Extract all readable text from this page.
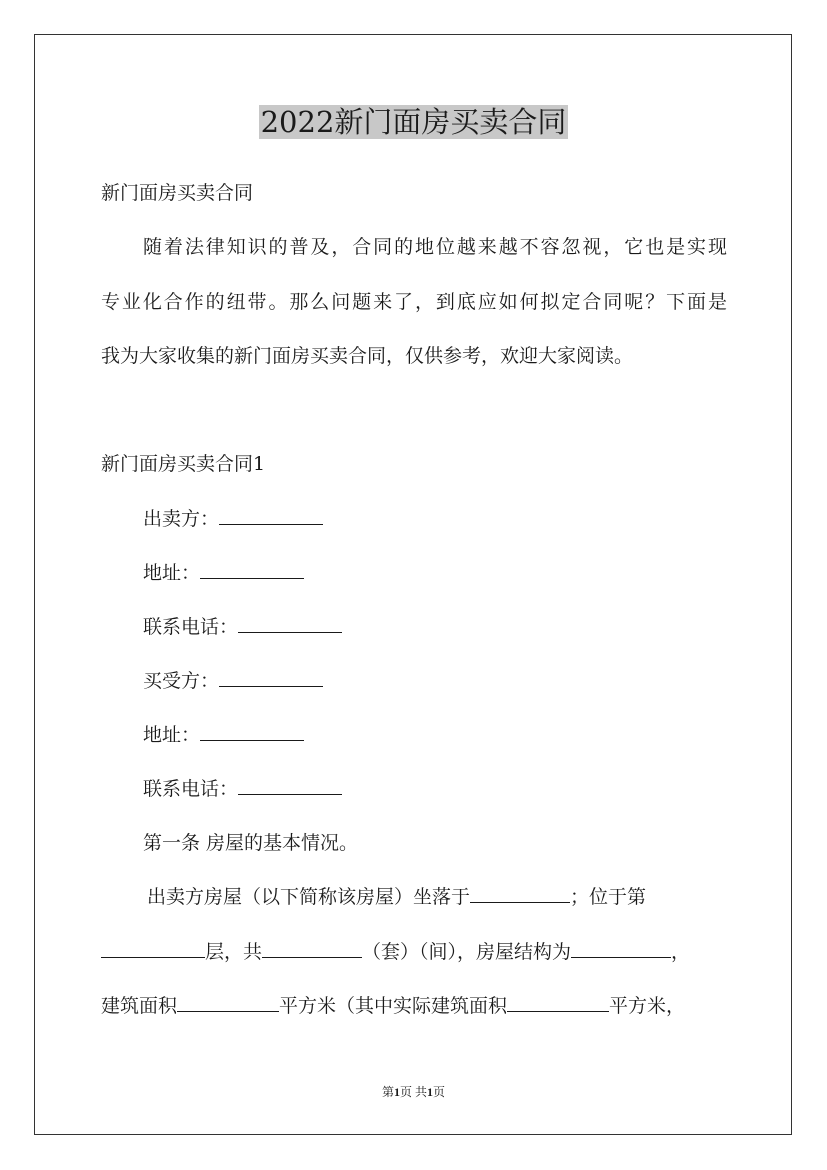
2022新门面房买卖合同
新门面房买卖合同
随着法律知识的普及，合同的地位越来越不容忽视，它也是实现
专业化合作的纽带。那么问题来了，到底应如何拟定合同呢？下面是
我为大家收集的新门面房买卖合同，仅供参考，欢迎大家阅读。
新门面房买卖合同1
出卖方：
地址：
联系电话：
买受方：
地址：
联系电话：
第一条 房屋的基本情况。
出卖方房屋（以下简称该房屋）坐落于	；位于第
层，共	（套）（间），房屋结构为	，
建筑面积	平方米（其中实际建筑面积	平方米，
第1页 共1页
